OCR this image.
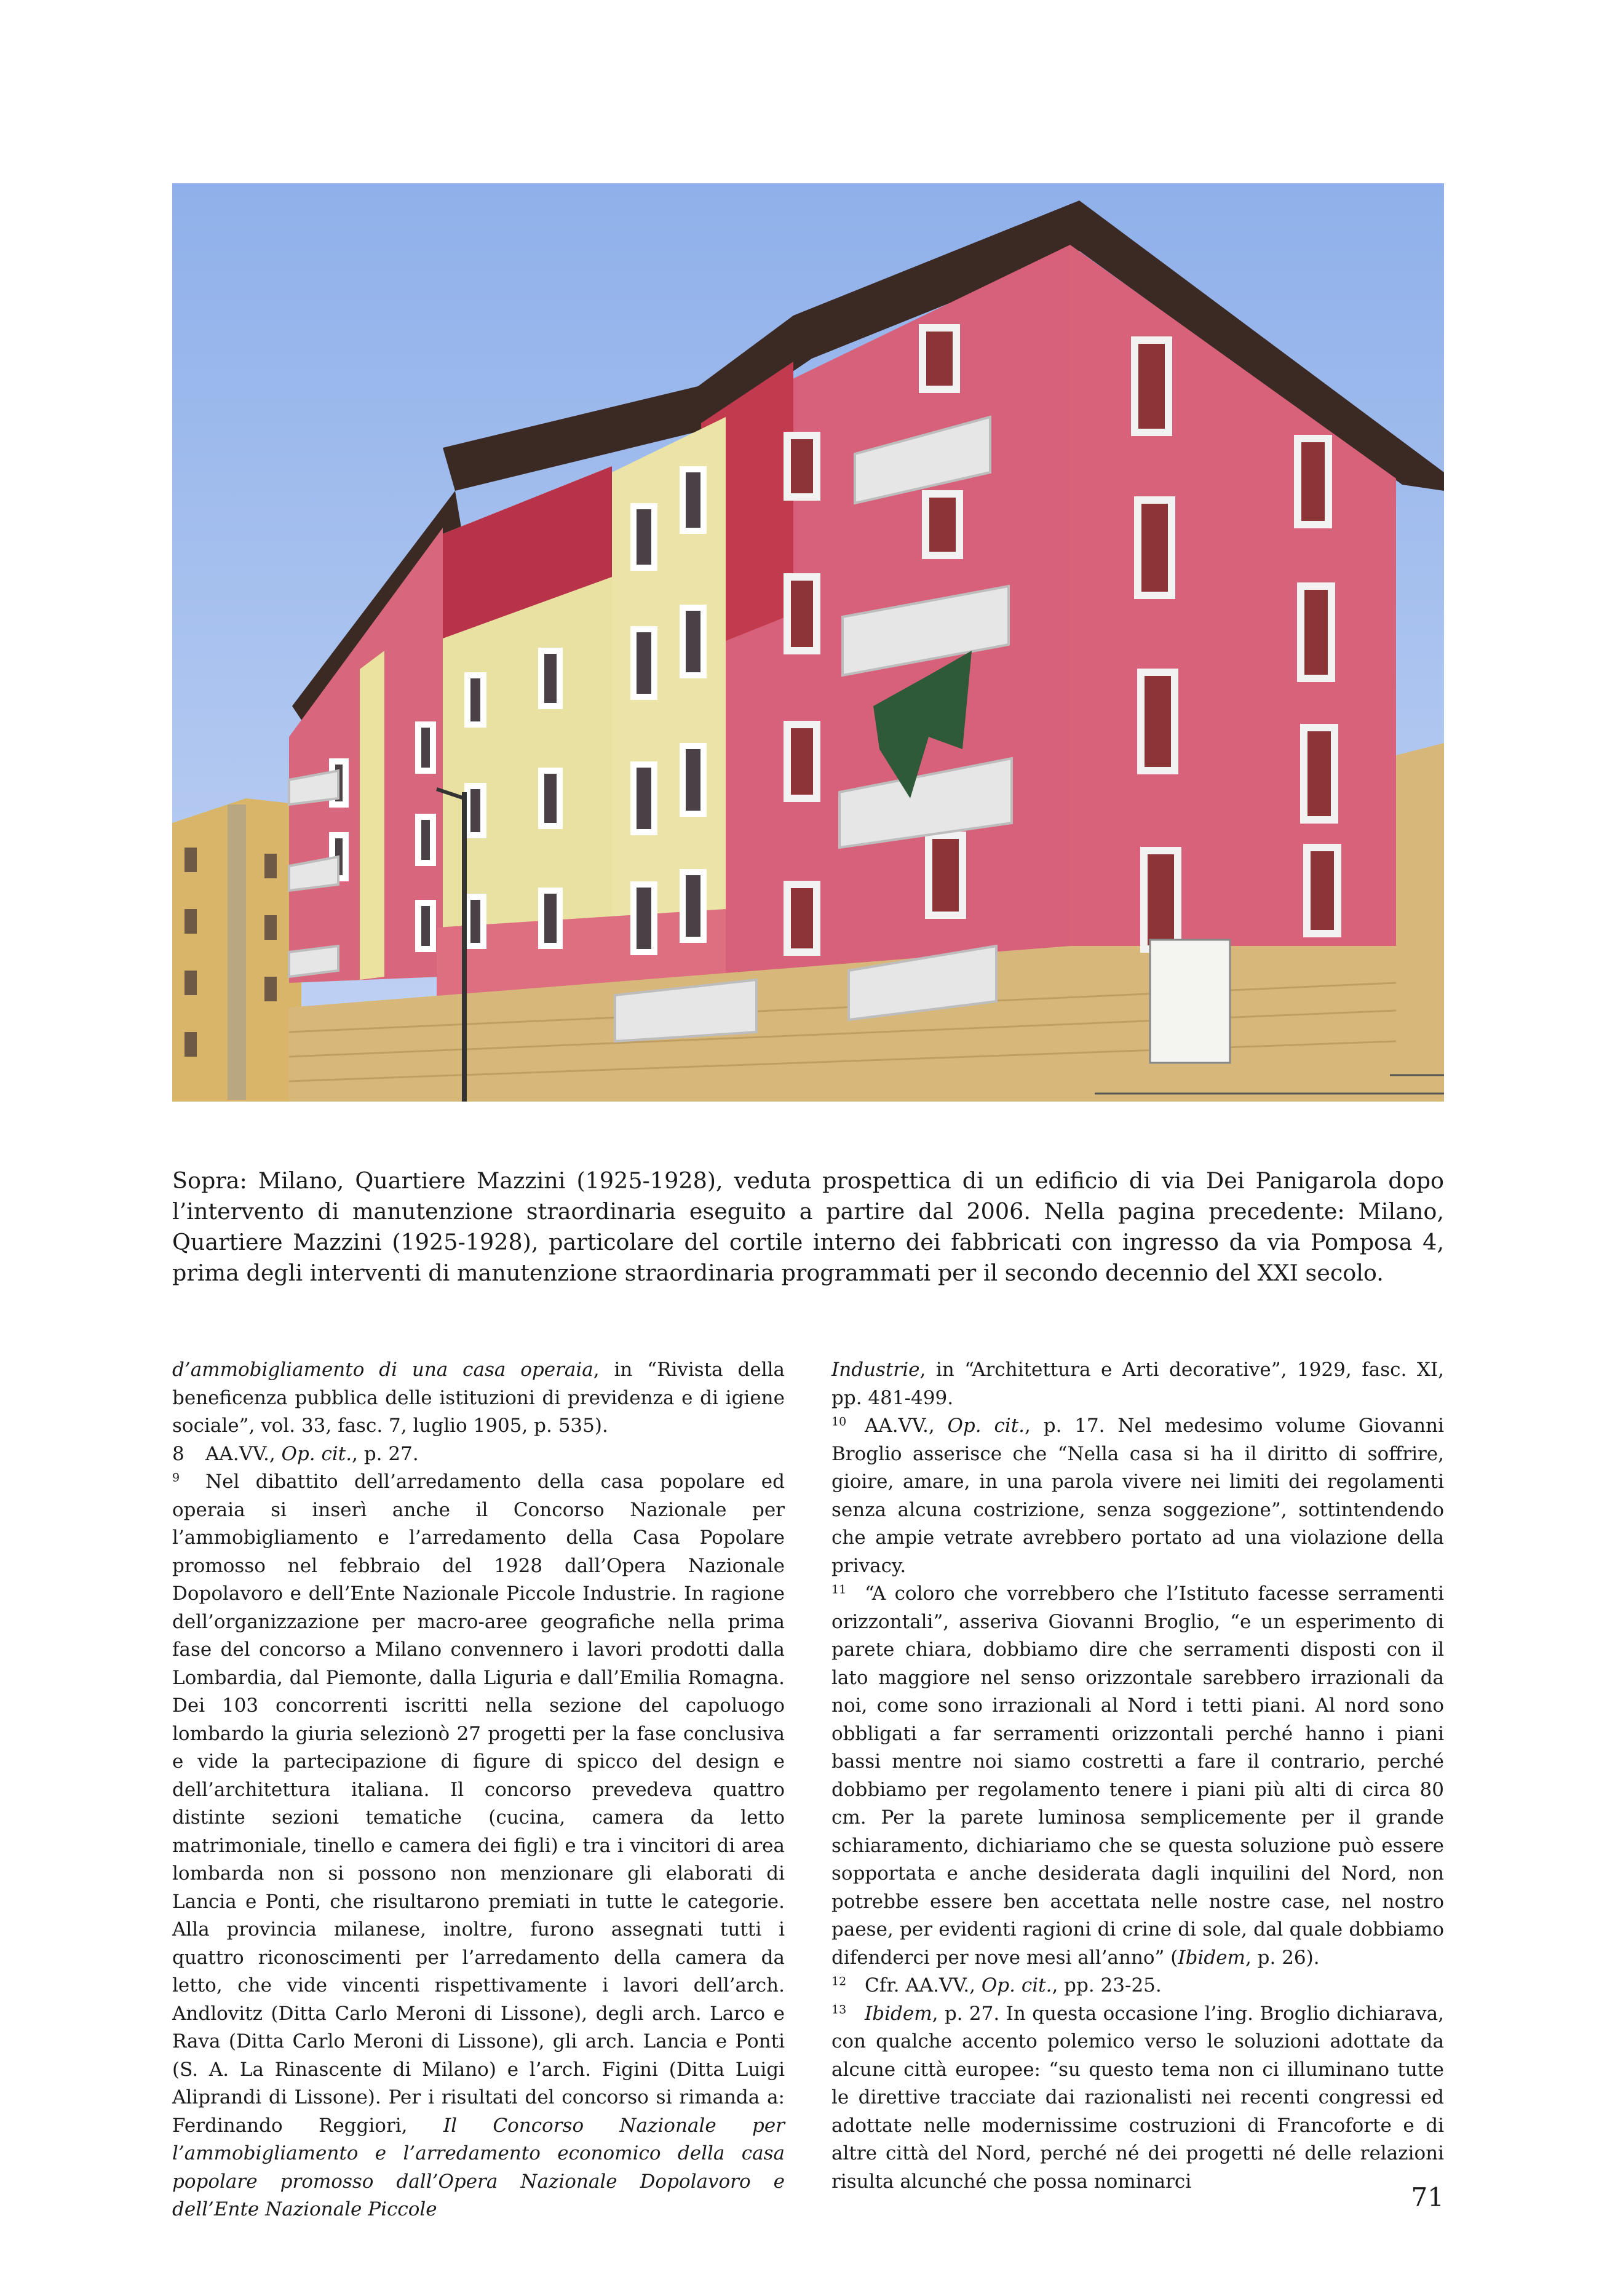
Sopra: Milano, Quartiere Mazzini (1925-1928), veduta prospettica di un edificio di via Dei Panigarola dopo l’intervento di manutenzione straordinaria eseguito a partire dal 2006. Nella pagina precedente: Milano, Quartiere Mazzini (1925-1928), particolare del cortile interno dei fabbricati con ingresso da via Pomposa 4, prima degli interventi di manutenzione straordinaria programmati per il secondo decennio del XXI secolo.

d’ammobigliamento di una casa operaia, in “Rivista della beneficenza pubblica delle istituzioni di previdenza e di igiene sociale”, vol. 33, fasc. 7, luglio 1905, p. 535).

8 AA.VV., Op. cit., p. 27.

$^9$ Nel dibattito dell’arredamento della casa popolare ed operaia si inserì anche il Concorso Nazionale per l’ammobigliamento e l’arredamento della Casa Popolare promosso nel febbraio del 1928 dall’Opera Nazionale Dopolavoro e dell’Ente Nazionale Piccole Industrie. In ragione dell’organizzazione per macro-aree geografiche nella prima fase del concorso a Milano convennero i lavori prodotti dalla Lombardia, dal Piemonte, dalla Liguria e dall’Emilia Romagna. Dei 103 concorrenti iscritti nella sezione del capoluogo lombardo la giuria selezionò 27 progetti per la fase conclusiva e vide la partecipazione di figure di spicco del design e dell’architettura italiana. Il concorso prevedeva quattro distinte sezioni tematiche (cucina, camera da letto matrimoniale, tinello e camera dei figli) e tra i vincitori di area lombarda non si possono non menzionare gli elaborati di Lancia e Ponti, che risultarono premiati in tutte le categorie. Alla provincia milanese, inoltre, furono assegnati tutti i quattro riconoscimenti per l’arredamento della camera da letto, che vide vincenti rispettivamente i lavori dell’arch. Andlovitz (Ditta Carlo Meroni di Lissone), degli arch. Larco e Rava (Ditta Carlo Meroni di Lissone), gli arch. Lancia e Ponti (S. A. La Rinascente di Milano) e l’arch. Figini (Ditta Luigi Aliprandi di Lissone). Per i risultati del concorso si rimanda a: Ferdinando Reggiori, Il Concorso Nazionale per l’ammobigliamento e l’arredamento economico della casa popolare promosso dall’Opera Nazionale Dopolavoro e dell’Ente Nazionale Piccole

Industrie, in “Architettura e Arti decorative”, 1929, fasc. XI, pp. 481-499.

$^{10}$ AA.VV., Op. cit., p. 17. Nel medesimo volume Giovanni Broglio asserisce che “Nella casa si ha il diritto di soffrire, gioire, amare, in una parola vivere nei limiti dei regolamenti senza alcuna costrizione, senza soggezione”, sottintendendo che ampie vetrate avrebbero portato ad una violazione della privacy.

$^{11}$ “A coloro che vorrebbero che l’Istituto facesse serramenti orizzontali”, asseriva Giovanni Broglio, “e un esperimento di parete chiara, dobbiamo dire che serramenti disposti con il lato maggiore nel senso orizzontale sarebbero irrazionali da noi, come sono irrazionali al Nord i tetti piani. Al nord sono obbligati a far serramenti orizzontali perché hanno i piani bassi mentre noi siamo costretti a fare il contrario, perché dobbiamo per regolamento tenere i piani più alti di circa 80 cm. Per la parete luminosa semplicemente per il grande schiaramento, dichiariamo che se questa soluzione può essere sopportata e anche desiderata dagli inquilini del Nord, non potrebbe essere ben accettata nelle nostre case, nel nostro paese, per evidenti ragioni di crine di sole, dal quale dobbiamo difenderci per nove mesi all’anno” (Ibidem, p. 26).

$^{12}$ Cfr. AA.VV., Op. cit., pp. 23-25.

$^{13}$ Ibidem, p. 27. In questa occasione l’ing. Broglio dichiarava, con qualche accento polemico verso le soluzioni adottate da alcune città europee: “su questo tema non ci illuminano tutte le direttive tracciate dai razionalisti nei recenti congressi ed adottate nelle modernissime costruzioni di Francoforte e di altre città del Nord, perché né dei progetti né delle relazioni risulta alcunché che possa nominarci

71
